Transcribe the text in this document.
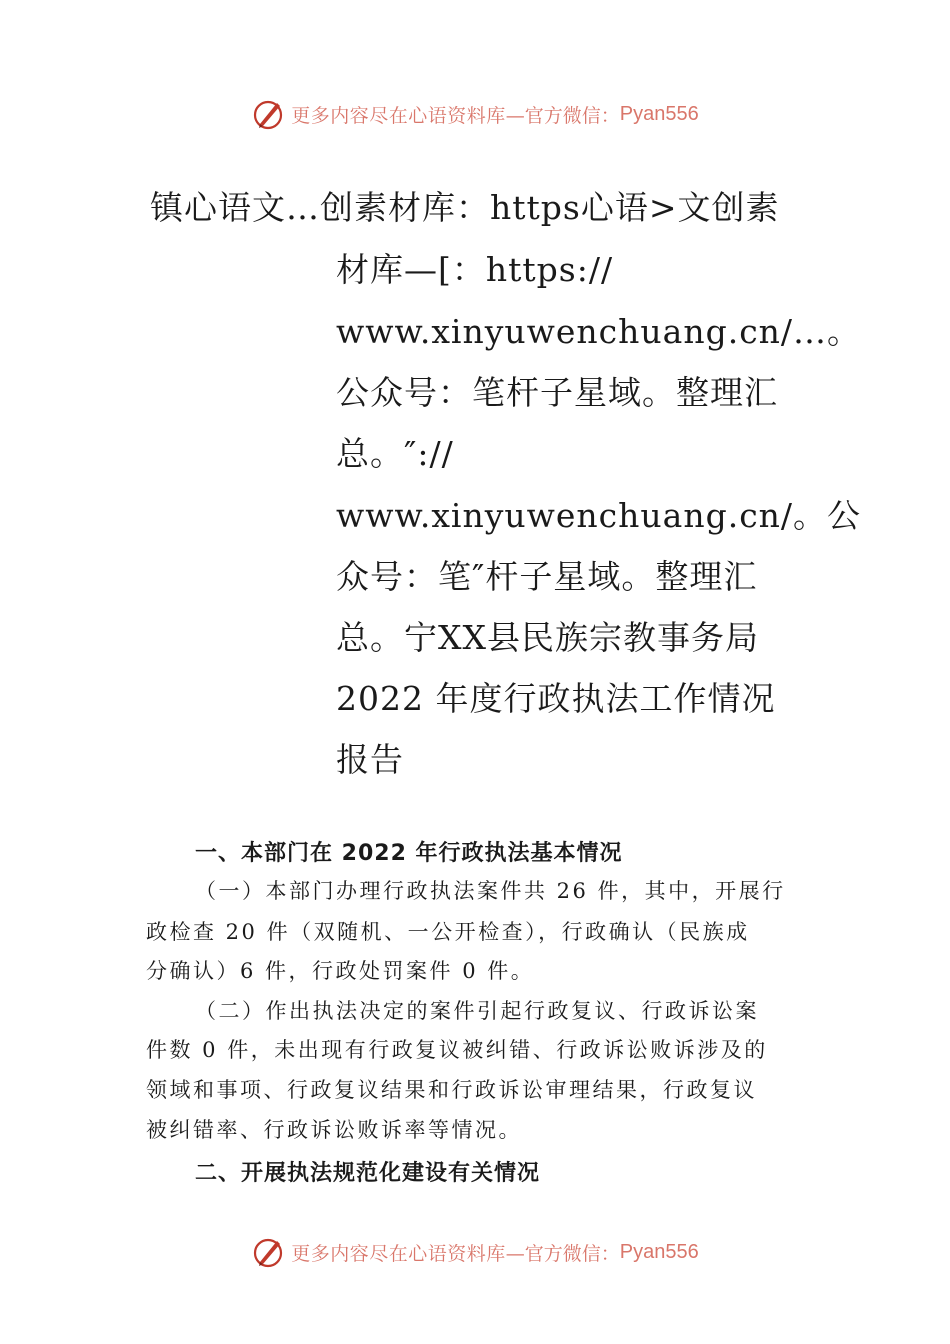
更多内容尽在心语资料库 —官方微信： Pyan556
镇心语文…创素材库：https心语>文创素
材库—[：https://
www.xinyuwenchuang.cn/…。
公众号：笔杆子星域。整理汇
总。″://
www.xinyuwenchuang.cn/。公
众号：笔″杆子星域。整理汇
总。宁XX县民族宗教事务局
2022 年度行政执法工作情况
报告
一、本部门在 2022 年行政执法基本情况
（一）本部门办理行政执法案件共 26 件，其中，开展行
政检查 20 件（双随机、一公开检查），行政确认（民族成
分确认）6 件，行政处罚案件 0 件。
（二）作出执法决定的案件引起行政复议、行政诉讼案
件数 0 件，未出现有行政复议被纠错、行政诉讼败诉涉及的
领域和事项、行政复议结果和行政诉讼审理结果，行政复议
被纠错率、行政诉讼败诉率等情况。
二、开展执法规范化建设有关情况
更多内容尽在心语资料库 —官方微信： Pyan556
